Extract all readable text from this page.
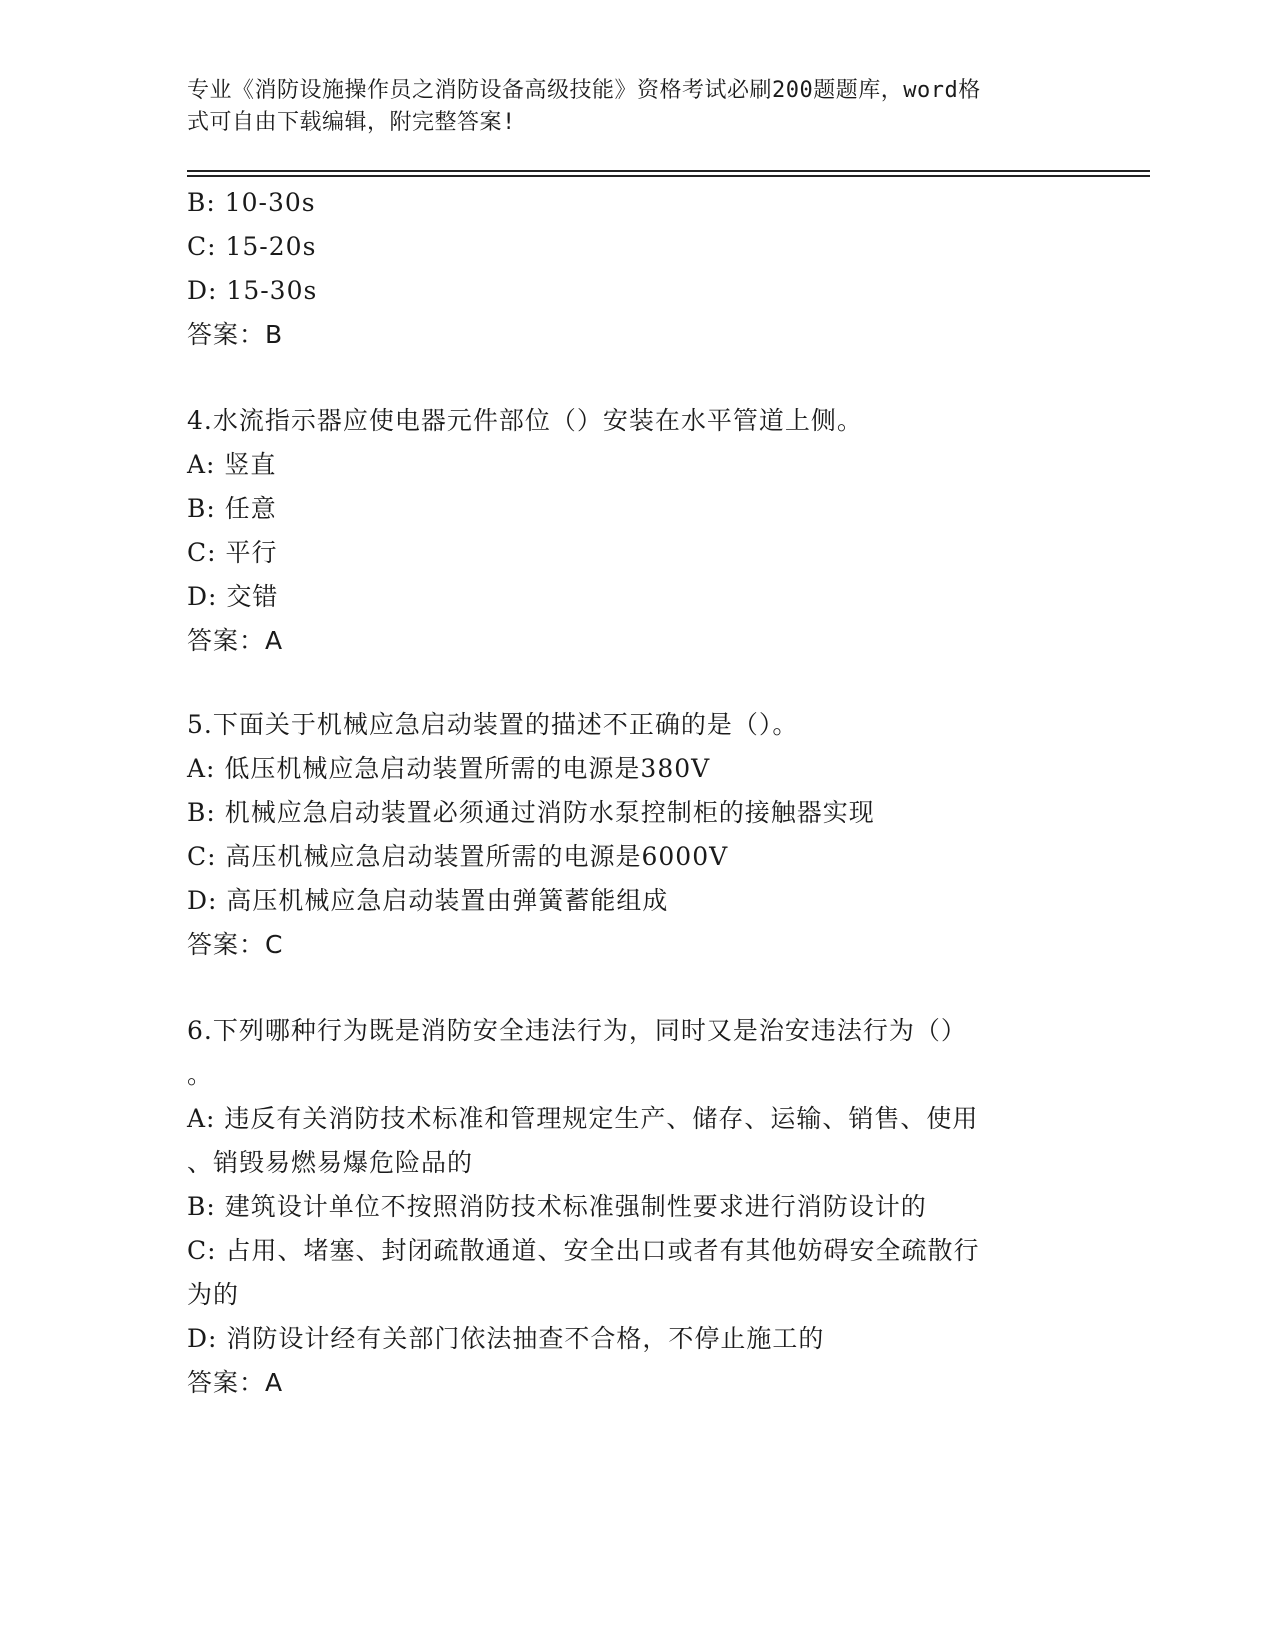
专业《消防设施操作员之消防设备高级技能》资格考试必刷200题题库，word格
式可自由下载编辑，附完整答案!
B: 10-30s
C: 15-20s
D: 15-30s
答案：B
4.水流指示器应使电器元件部位（）安装在水平管道上侧。
A: 竖直
B: 任意
C: 平行
D: 交错
答案：A
5.下面关于机械应急启动装置的描述不正确的是（）。
A: 低压机械应急启动装置所需的电源是380V
B: 机械应急启动装置必须通过消防水泵控制柜的接触器实现
C: 高压机械应急启动装置所需的电源是6000V
D: 高压机械应急启动装置由弹簧蓄能组成
答案：C
6.下列哪种行为既是消防安全违法行为，同时又是治安违法行为（）
。
A: 违反有关消防技术标准和管理规定生产、储存、运输、销售、使用
、销毁易燃易爆危险品的
B: 建筑设计单位不按照消防技术标准强制性要求进行消防设计的
C: 占用、堵塞、封闭疏散通道、安全出口或者有其他妨碍安全疏散行
为的
D: 消防设计经有关部门依法抽查不合格，不停止施工的
答案：A
